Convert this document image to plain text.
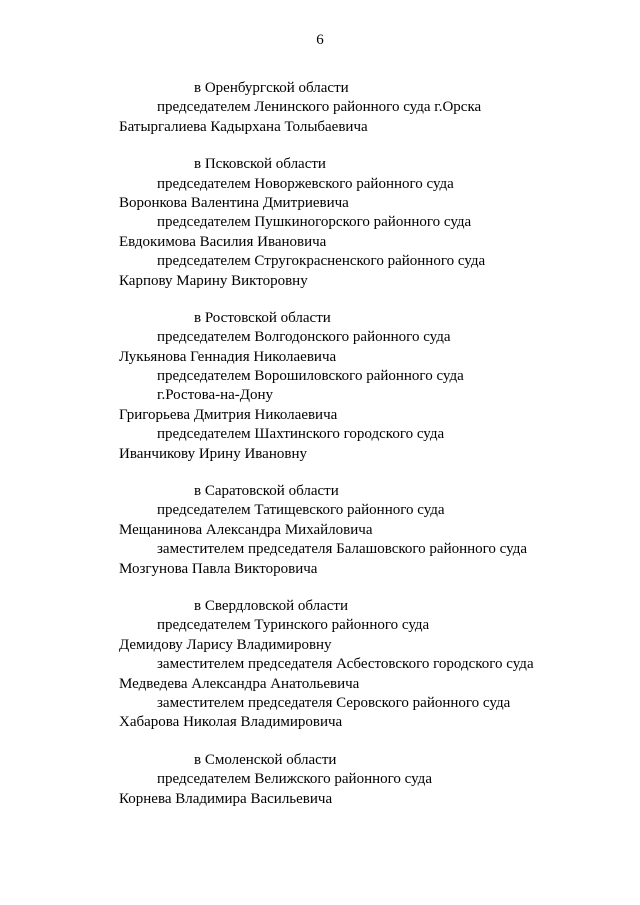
6
в Оренбургской области
председателем Ленинского районного суда г.Орска
Батыргалиева Кадырхана Толыбаевича
в Псковской области
председателем Новоржевского районного суда
Воронкова Валентина Дмитриевича
председателем Пушкиногорского районного суда
Евдокимова Василия Ивановича
председателем Стругокрасненского районного суда
Карпову Марину Викторовну
в Ростовской области
председателем Волгодонского районного суда
Лукьянова Геннадия Николаевича
председателем Ворошиловского районного суда
г.Ростова-на-Дону
Григорьева Дмитрия Николаевича
председателем Шахтинского городского суда
Иванчикову Ирину Ивановну
в Саратовской области
председателем Татищевского районного суда
Мещанинова Александра Михайловича
заместителем председателя Балашовского районного суда
Мозгунова Павла Викторовича
в Свердловской области
председателем Туринского районного суда
Демидову Ларису Владимировну
заместителем председателя Асбестовского городского суда
Медведева Александра Анатольевича
заместителем председателя Серовского районного суда
Хабарова Николая Владимировича
в Смоленской области
председателем Велижского районного суда
Корнева Владимира Васильевича
